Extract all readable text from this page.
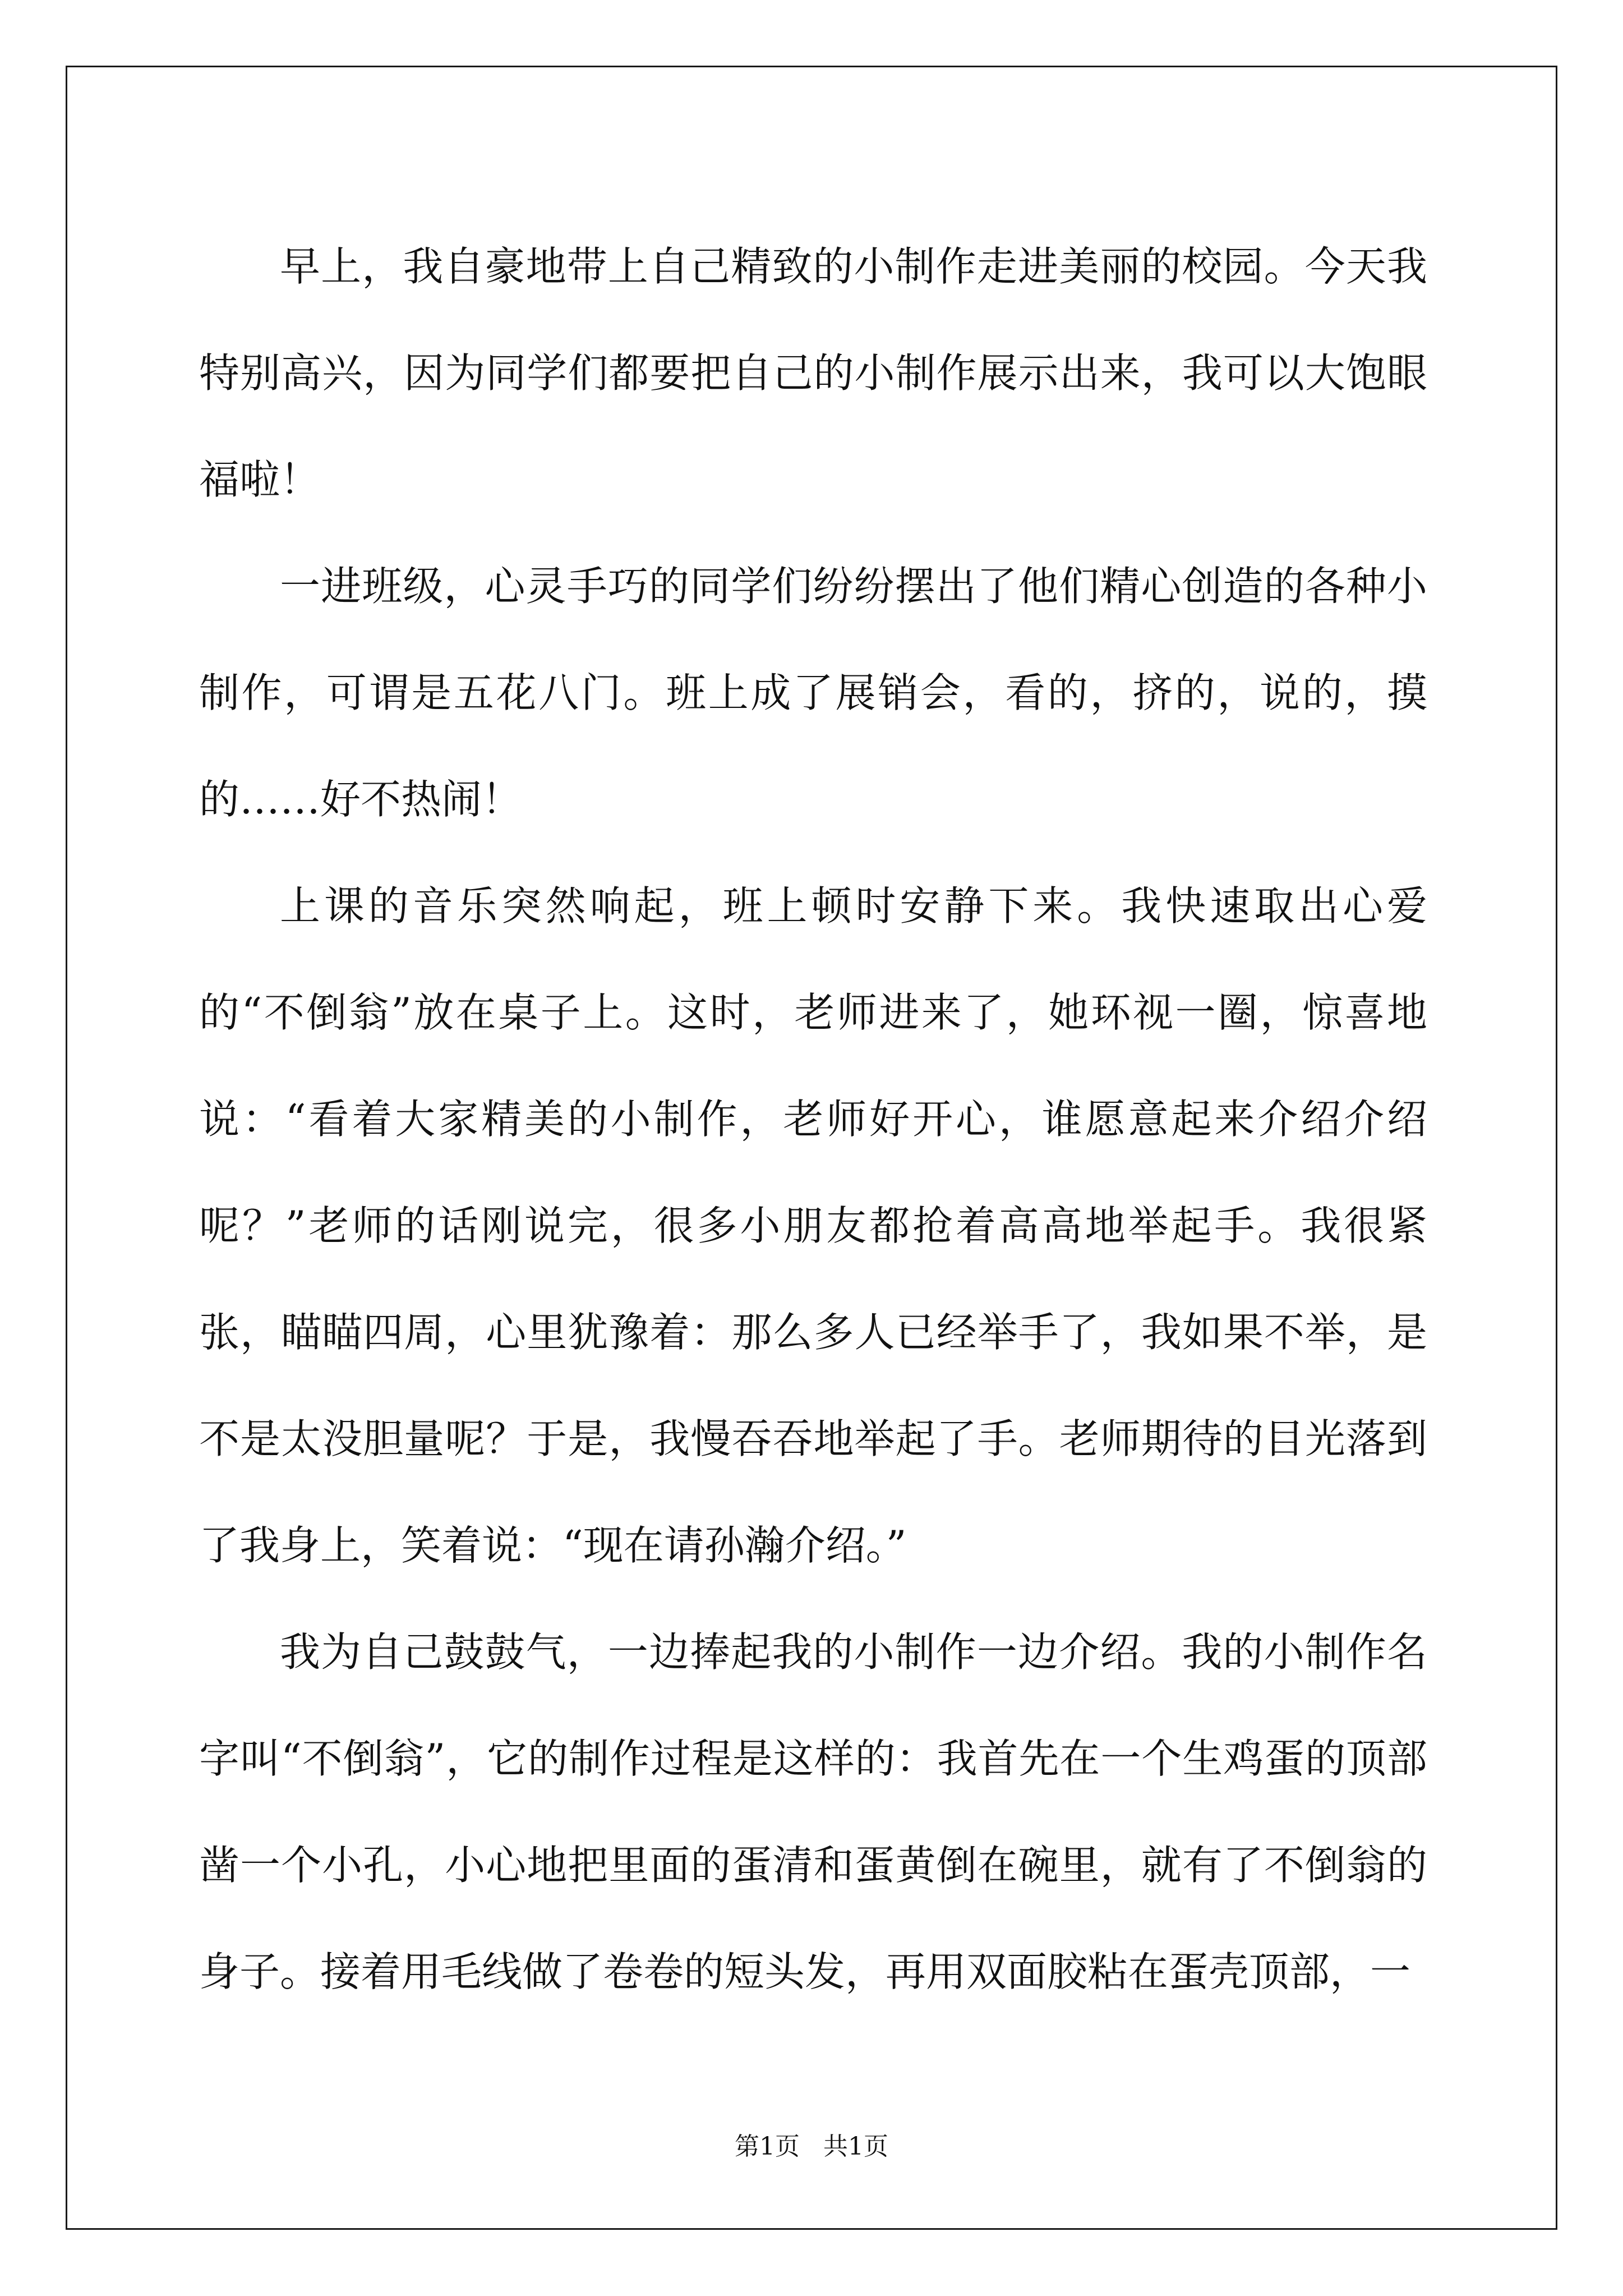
早上，我自豪地带上自己精致的小制作走进美丽的校园。今天我特别高兴，因为同学们都要把自己的小制作展示出来，我可以大饱眼福啦！

一进班级，心灵手巧的同学们纷纷摆出了他们精心创造的各种小制作，可谓是五花八门。班上成了展销会，看的，挤的，说的，摸的……好不热闹！

上课的音乐突然响起，班上顿时安静下来。我快速取出心爱的“不倒翁”放在桌子上。这时，老师进来了，她环视一圈，惊喜地说：“看着大家精美的小制作，老师好开心，谁愿意起来介绍介绍呢？”老师的话刚说完，很多小朋友都抢着高高地举起手。我很紧张，瞄瞄四周，心里犹豫着：那么多人已经举手了，我如果不举，是不是太没胆量呢？于是，我慢吞吞地举起了手。老师期待的目光落到了我身上，笑着说：“现在请孙瀚介绍。”

我为自己鼓鼓气，一边捧起我的小制作一边介绍。我的小制作名字叫“不倒翁”，它的制作过程是这样的：我首先在一个生鸡蛋的顶部凿一个小孔，小心地把里面的蛋清和蛋黄倒在碗里，就有了不倒翁的身子。接着用毛线做了卷卷的短头发，再用双面胶粘在蛋壳顶部，一

第1页   共1页
